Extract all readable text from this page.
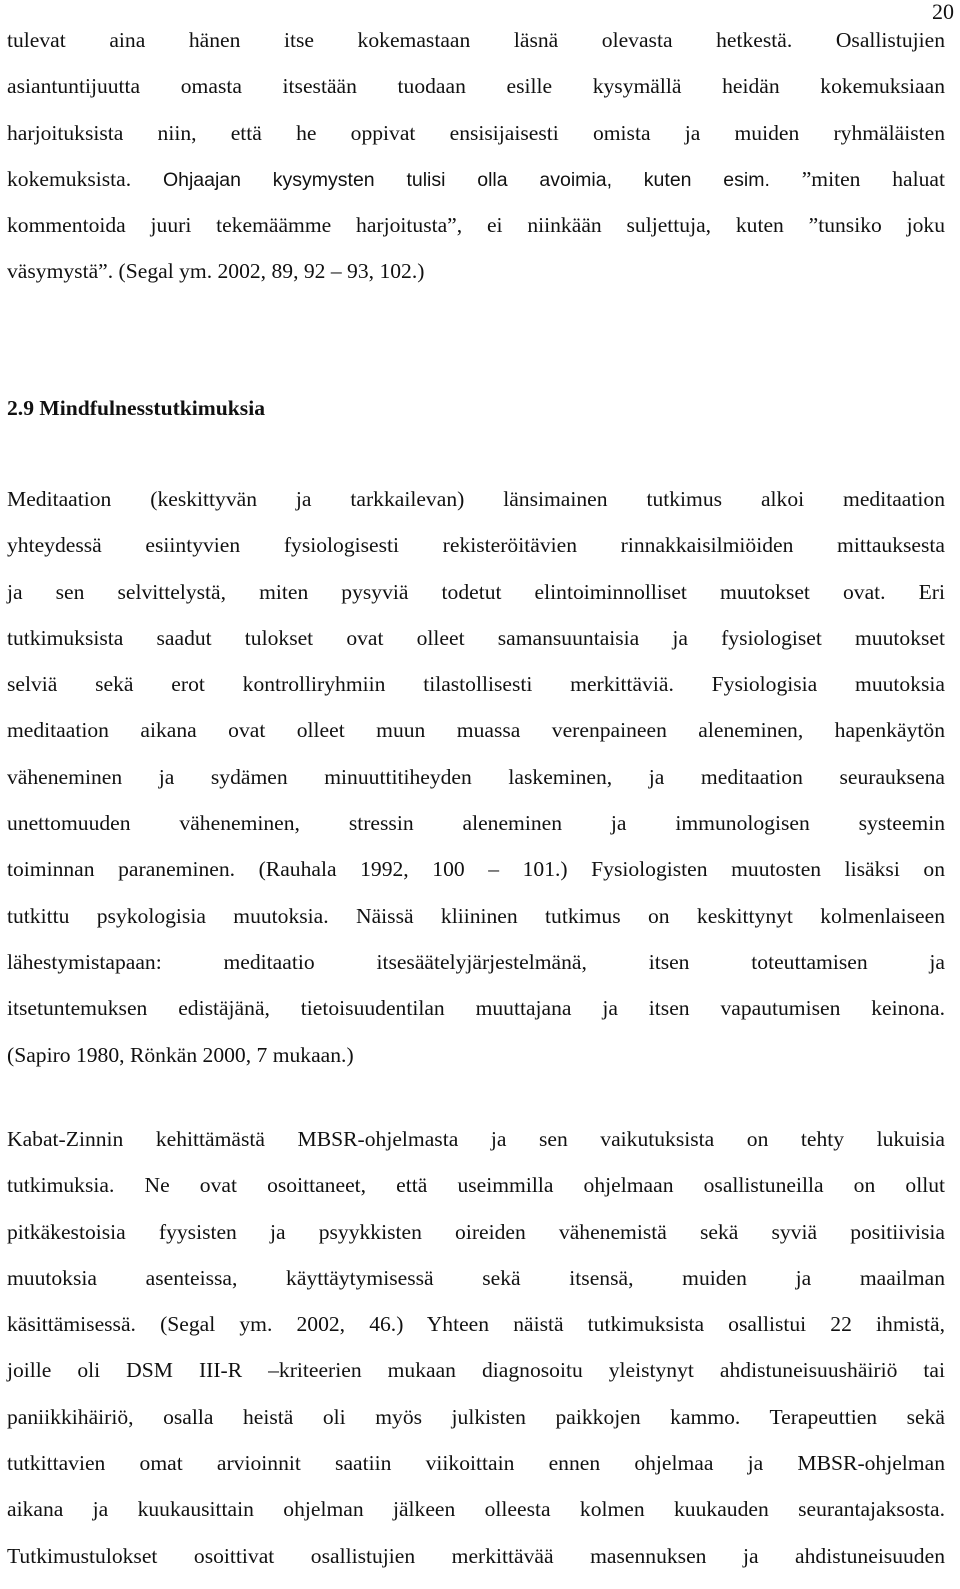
20
tulevat aina hänen itse kokemastaan läsnä olevasta hetkestä. Osallistujien
asiantuntijuutta omasta itsestään tuodaan esille kysymällä heidän kokemuksiaan
harjoituksista niin, että he oppivat ensisijaisesti omista ja muiden ryhmäläisten
kokemuksista. Ohjaajan kysymysten tulisi olla avoimia, kuten esim. ”miten haluat
kommentoida juuri tekemäämme harjoitusta”, ei niinkään suljettuja, kuten ”tunsiko joku
väsymystä”. (Segal ym. 2002, 89, 92 – 93, 102.)
2.9 Mindfulnesstutkimuksia
Meditaation (keskittyvän ja tarkkailevan) länsimainen tutkimus alkoi meditaation
yhteydessä esiintyvien fysiologisesti rekisteröitävien rinnakkaisilmiöiden mittauksesta
ja sen selvittelystä, miten pysyviä todetut elintoiminnolliset muutokset ovat. Eri
tutkimuksista saadut tulokset ovat olleet samansuuntaisia ja fysiologiset muutokset
selviä sekä erot kontrolliryhmiin tilastollisesti merkittäviä. Fysiologisia muutoksia
meditaation aikana ovat olleet muun muassa verenpaineen aleneminen, hapenkäytön
väheneminen ja sydämen minuuttitiheyden laskeminen, ja meditaation seurauksena
unettomuuden väheneminen, stressin aleneminen ja immunologisen systeemin
toiminnan paraneminen. (Rauhala 1992, 100 – 101.) Fysiologisten muutosten lisäksi on
tutkittu psykologisia muutoksia. Näissä kliininen tutkimus on keskittynyt kolmenlaiseen
lähestymistapaan: meditaatio itsesäätelyjärjestelmänä, itsen toteuttamisen ja
itsetuntemuksen edistäjänä, tietoisuudentilan muuttajana ja itsen vapautumisen keinona.
(Sapiro 1980, Rönkän 2000, 7 mukaan.)
Kabat-Zinnin kehittämästä MBSR-ohjelmasta ja sen vaikutuksista on tehty lukuisia
tutkimuksia. Ne ovat osoittaneet, että useimmilla ohjelmaan osallistuneilla on ollut
pitkäkestoisia fyysisten ja psyykkisten oireiden vähenemistä sekä syviä positiivisia
muutoksia asenteissa, käyttäytymisessä sekä itsensä, muiden ja maailman
käsittämisessä. (Segal ym. 2002, 46.) Yhteen näistä tutkimuksista osallistui 22 ihmistä,
joille oli DSM III-R –kriteerien mukaan diagnosoitu yleistynyt ahdistuneisuushäiriö tai
paniikkihäiriö, osalla heistä oli myös julkisten paikkojen kammo. Terapeuttien sekä
tutkittavien omat arvioinnit saatiin viikoittain ennen ohjelmaa ja MBSR-ohjelman
aikana ja kuukausittain ohjelman jälkeen olleesta kolmen kuukauden seurantajaksosta.
Tutkimustulokset osoittivat osallistujien merkittävää masennuksen ja ahdistuneisuuden
